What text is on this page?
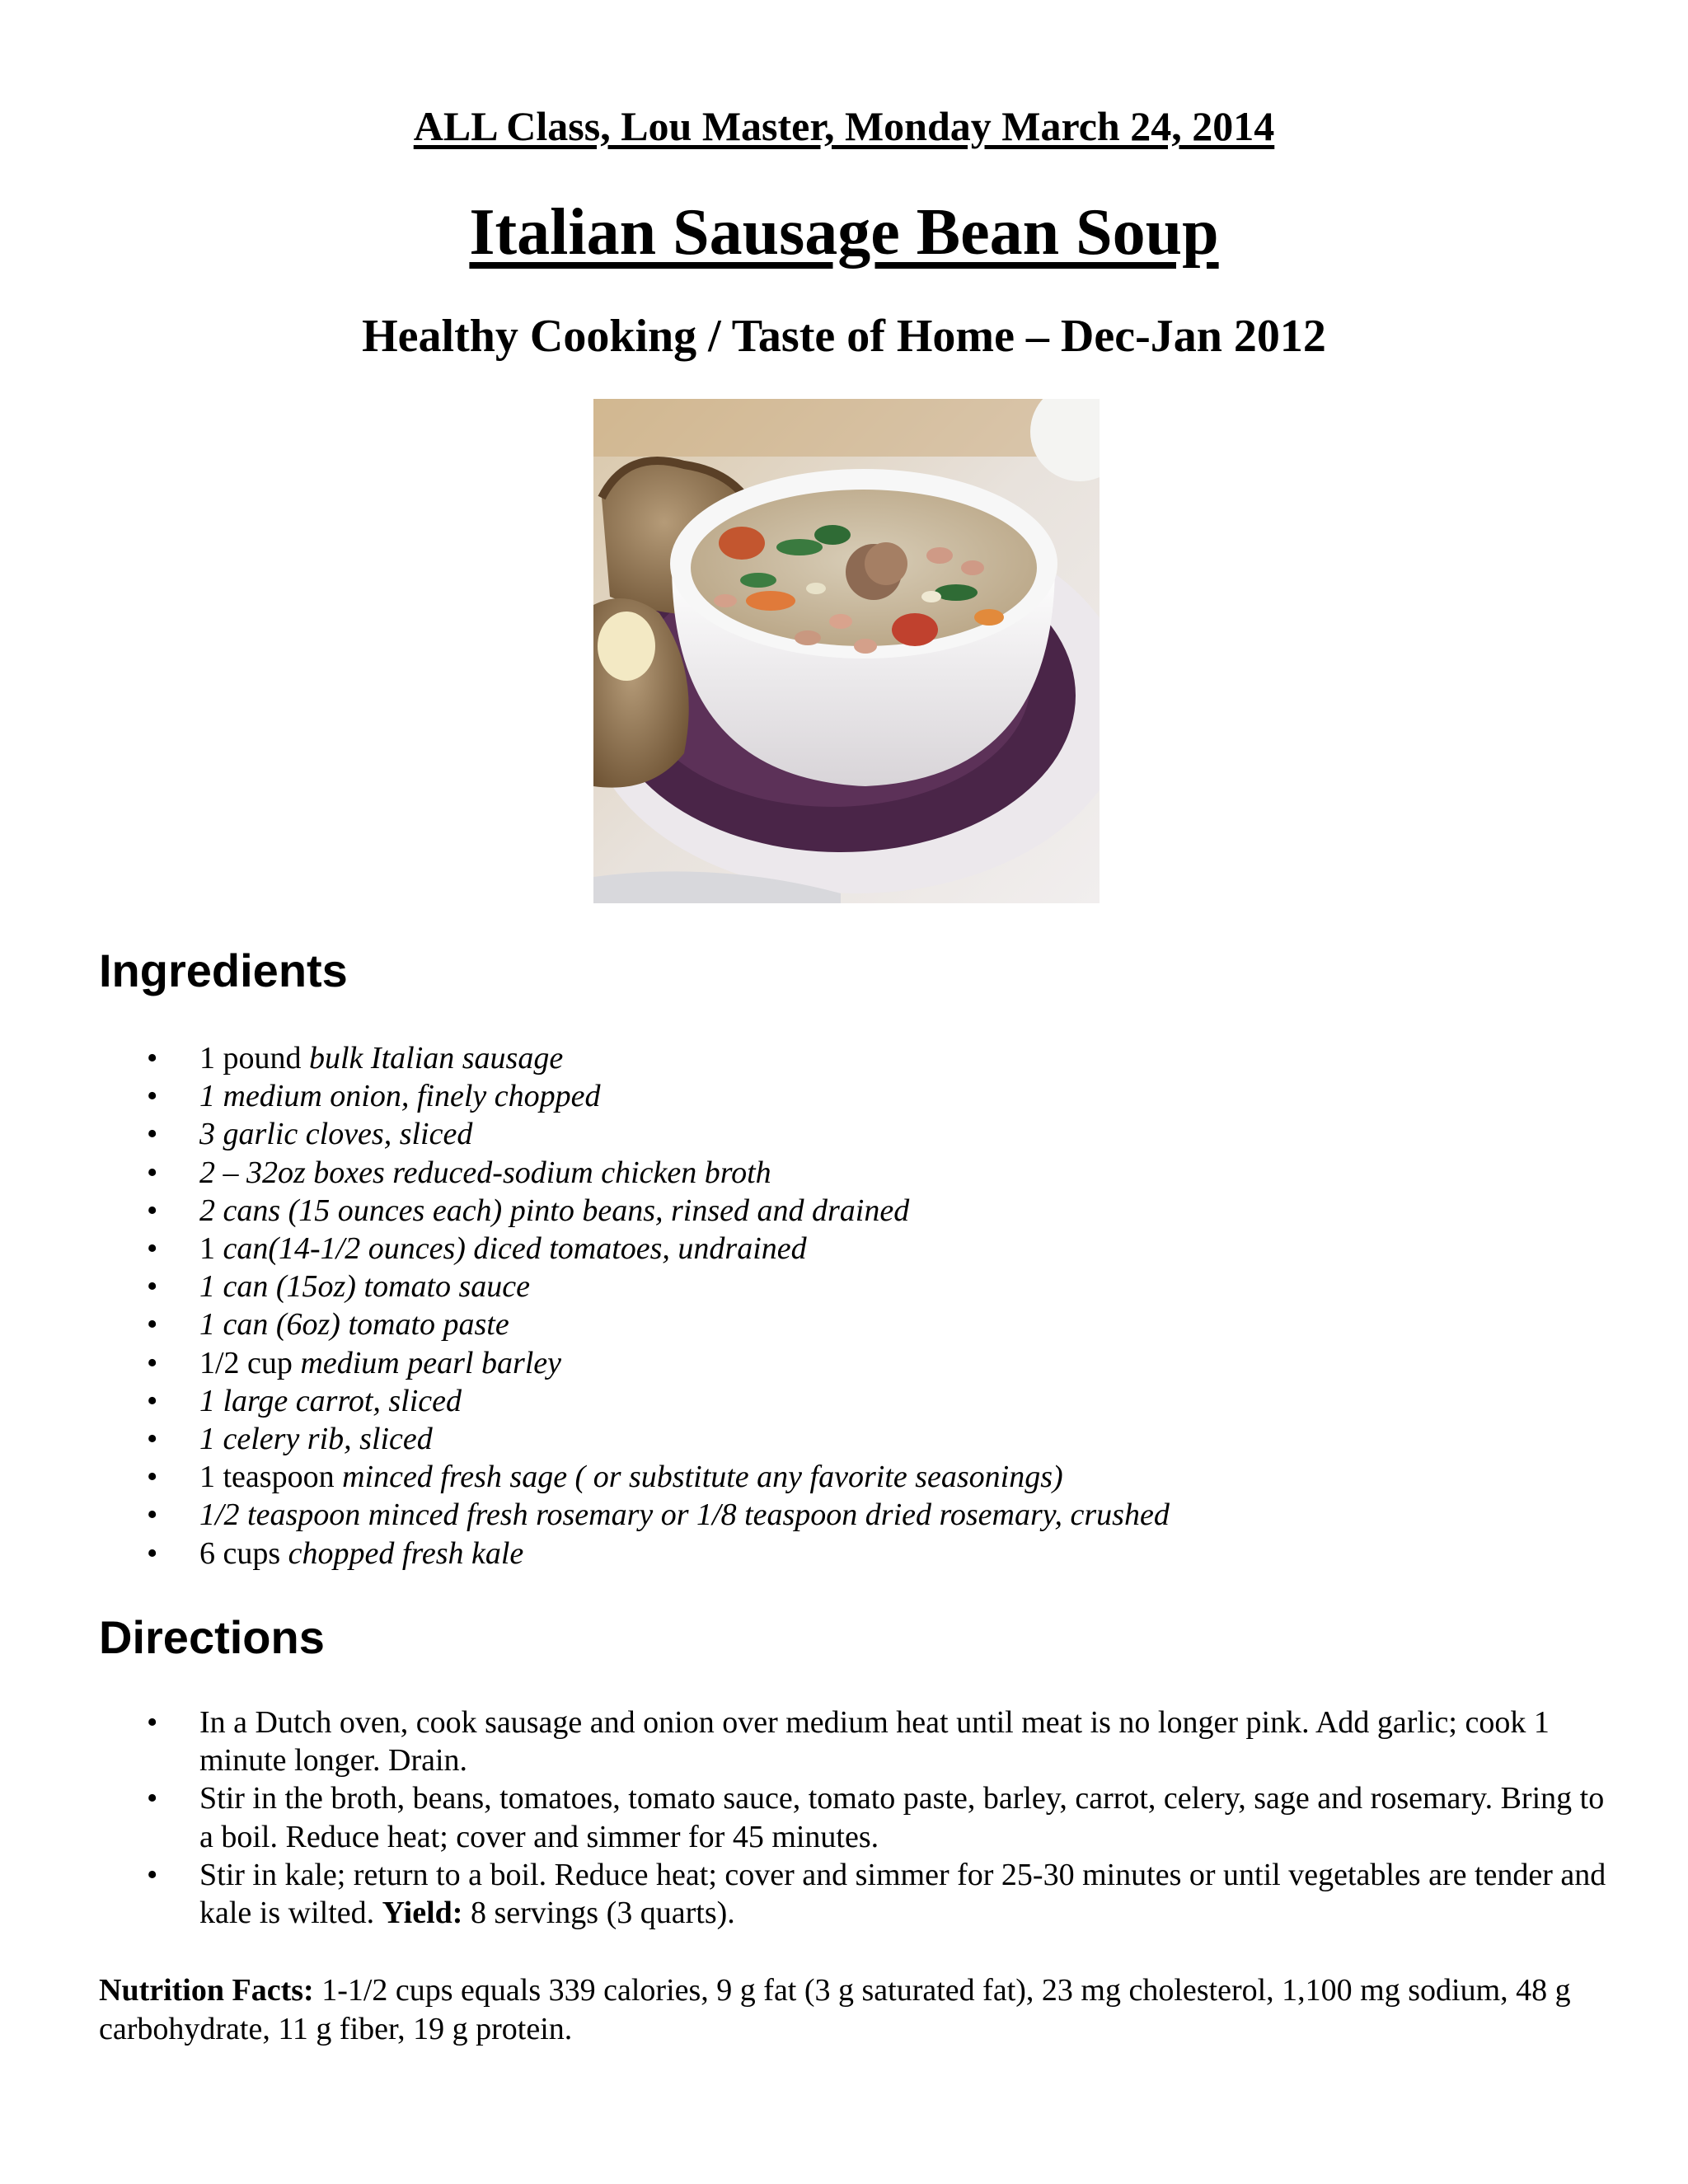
ALL Class, Lou Master, Monday March 24, 2014
Italian Sausage Bean Soup
Healthy Cooking / Taste of Home – Dec-Jan 2012
Ingredients
• 1 pound bulk Italian sausage
• 1 medium onion, finely chopped
• 3 garlic cloves, sliced
• 2 – 32oz boxes reduced-sodium chicken broth
• 2 cans (15 ounces each) pinto beans, rinsed and drained
• 1 can(14-1/2 ounces) diced tomatoes, undrained
• 1 can (15oz) tomato sauce
• 1 can (6oz) tomato paste
• 1/2 cup medium pearl barley
• 1 large carrot, sliced
• 1 celery rib, sliced
• 1 teaspoon minced fresh sage ( or substitute any favorite seasonings)
• 1/2 teaspoon minced fresh rosemary or 1/8 teaspoon dried rosemary, crushed
• 6 cups chopped fresh kale
Directions
• In a Dutch oven, cook sausage and onion over medium heat until meat is no longer pink. Add garlic; cook 1 minute longer. Drain.
• Stir in the broth, beans, tomatoes, tomato sauce, tomato paste, barley, carrot, celery, sage and rosemary. Bring to a boil. Reduce heat; cover and simmer for 45 minutes.
• Stir in kale; return to a boil. Reduce heat; cover and simmer for 25-30 minutes or until vegetables are tender and kale is wilted. Yield: 8 servings (3 quarts).
Nutrition Facts: 1-1/2 cups equals 339 calories, 9 g fat (3 g saturated fat), 23 mg cholesterol, 1,100 mg sodium, 48 g carbohydrate, 11 g fiber, 19 g protein.
